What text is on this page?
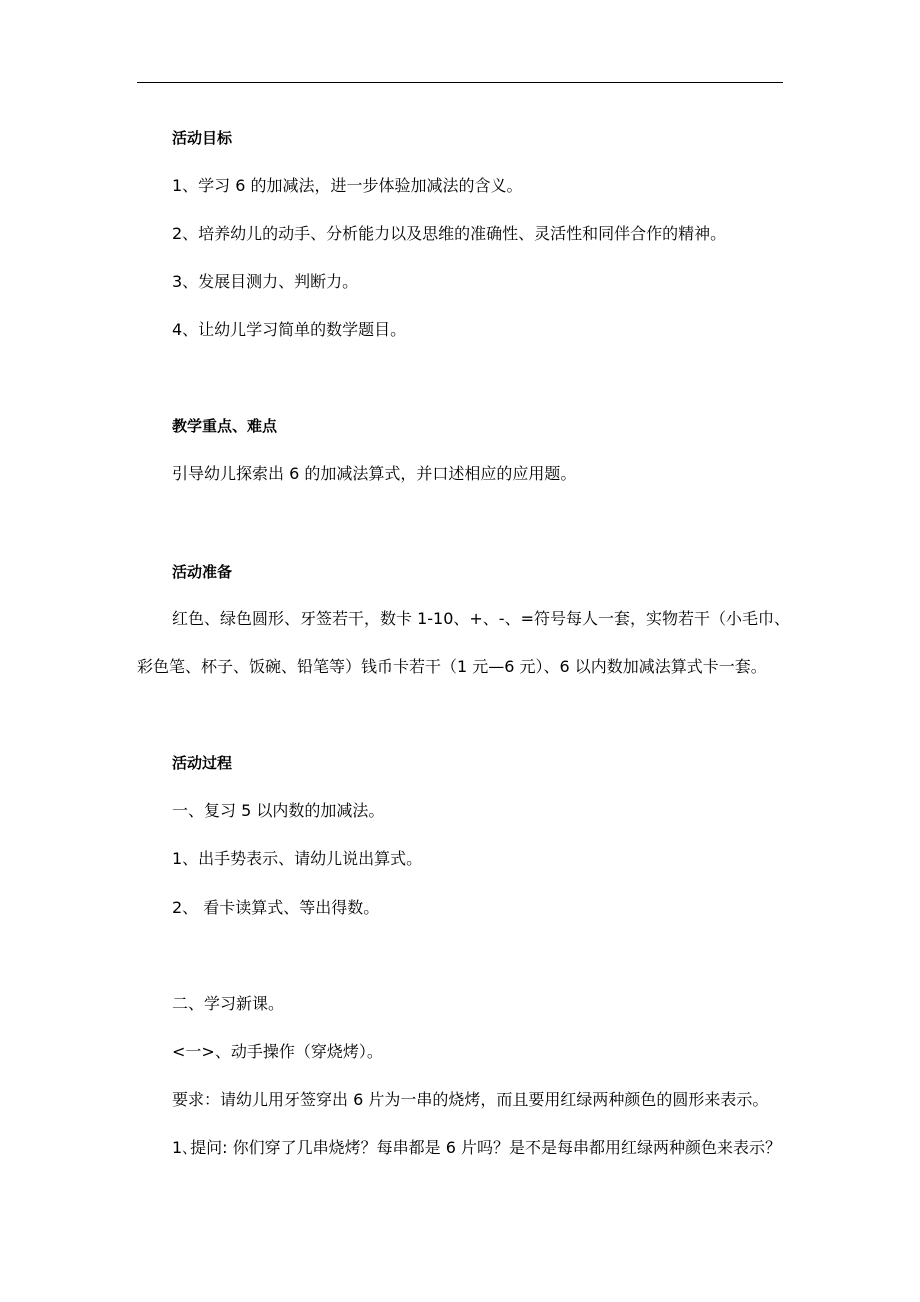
活动目标
1、学习 6 的加减法，进一步体验加减法的含义。
2、培养幼儿的动手、分析能力以及思维的准确性、灵活性和同伴合作的精神。
3、发展目测力、判断力。
4、让幼儿学习简单的数学题目。
教学重点、难点
引导幼儿探索出 6 的加减法算式，并口述相应的应用题。
活动准备
红色、绿色圆形、牙签若干，数卡 1-10、+、-、=符号每人一套，实物若干（小毛巾、
彩色笔、杯子、饭碗、铅笔等）钱币卡若干（1 元—6 元）、6 以内数加减法算式卡一套。
活动过程
一、复习 5 以内数的加减法。
1、出手势表示、请幼儿说出算式。
2、 看卡读算式、等出得数。
二、学习新课。
<一>、动手操作（穿烧烤）。
要求：请幼儿用牙签穿出 6 片为一串的烧烤，而且要用红绿两种颜色的圆形来表示。
1､提问: 你们穿了几串烧烤？每串都是 6 片吗？是不是每串都用红绿两种颜色来表示？
